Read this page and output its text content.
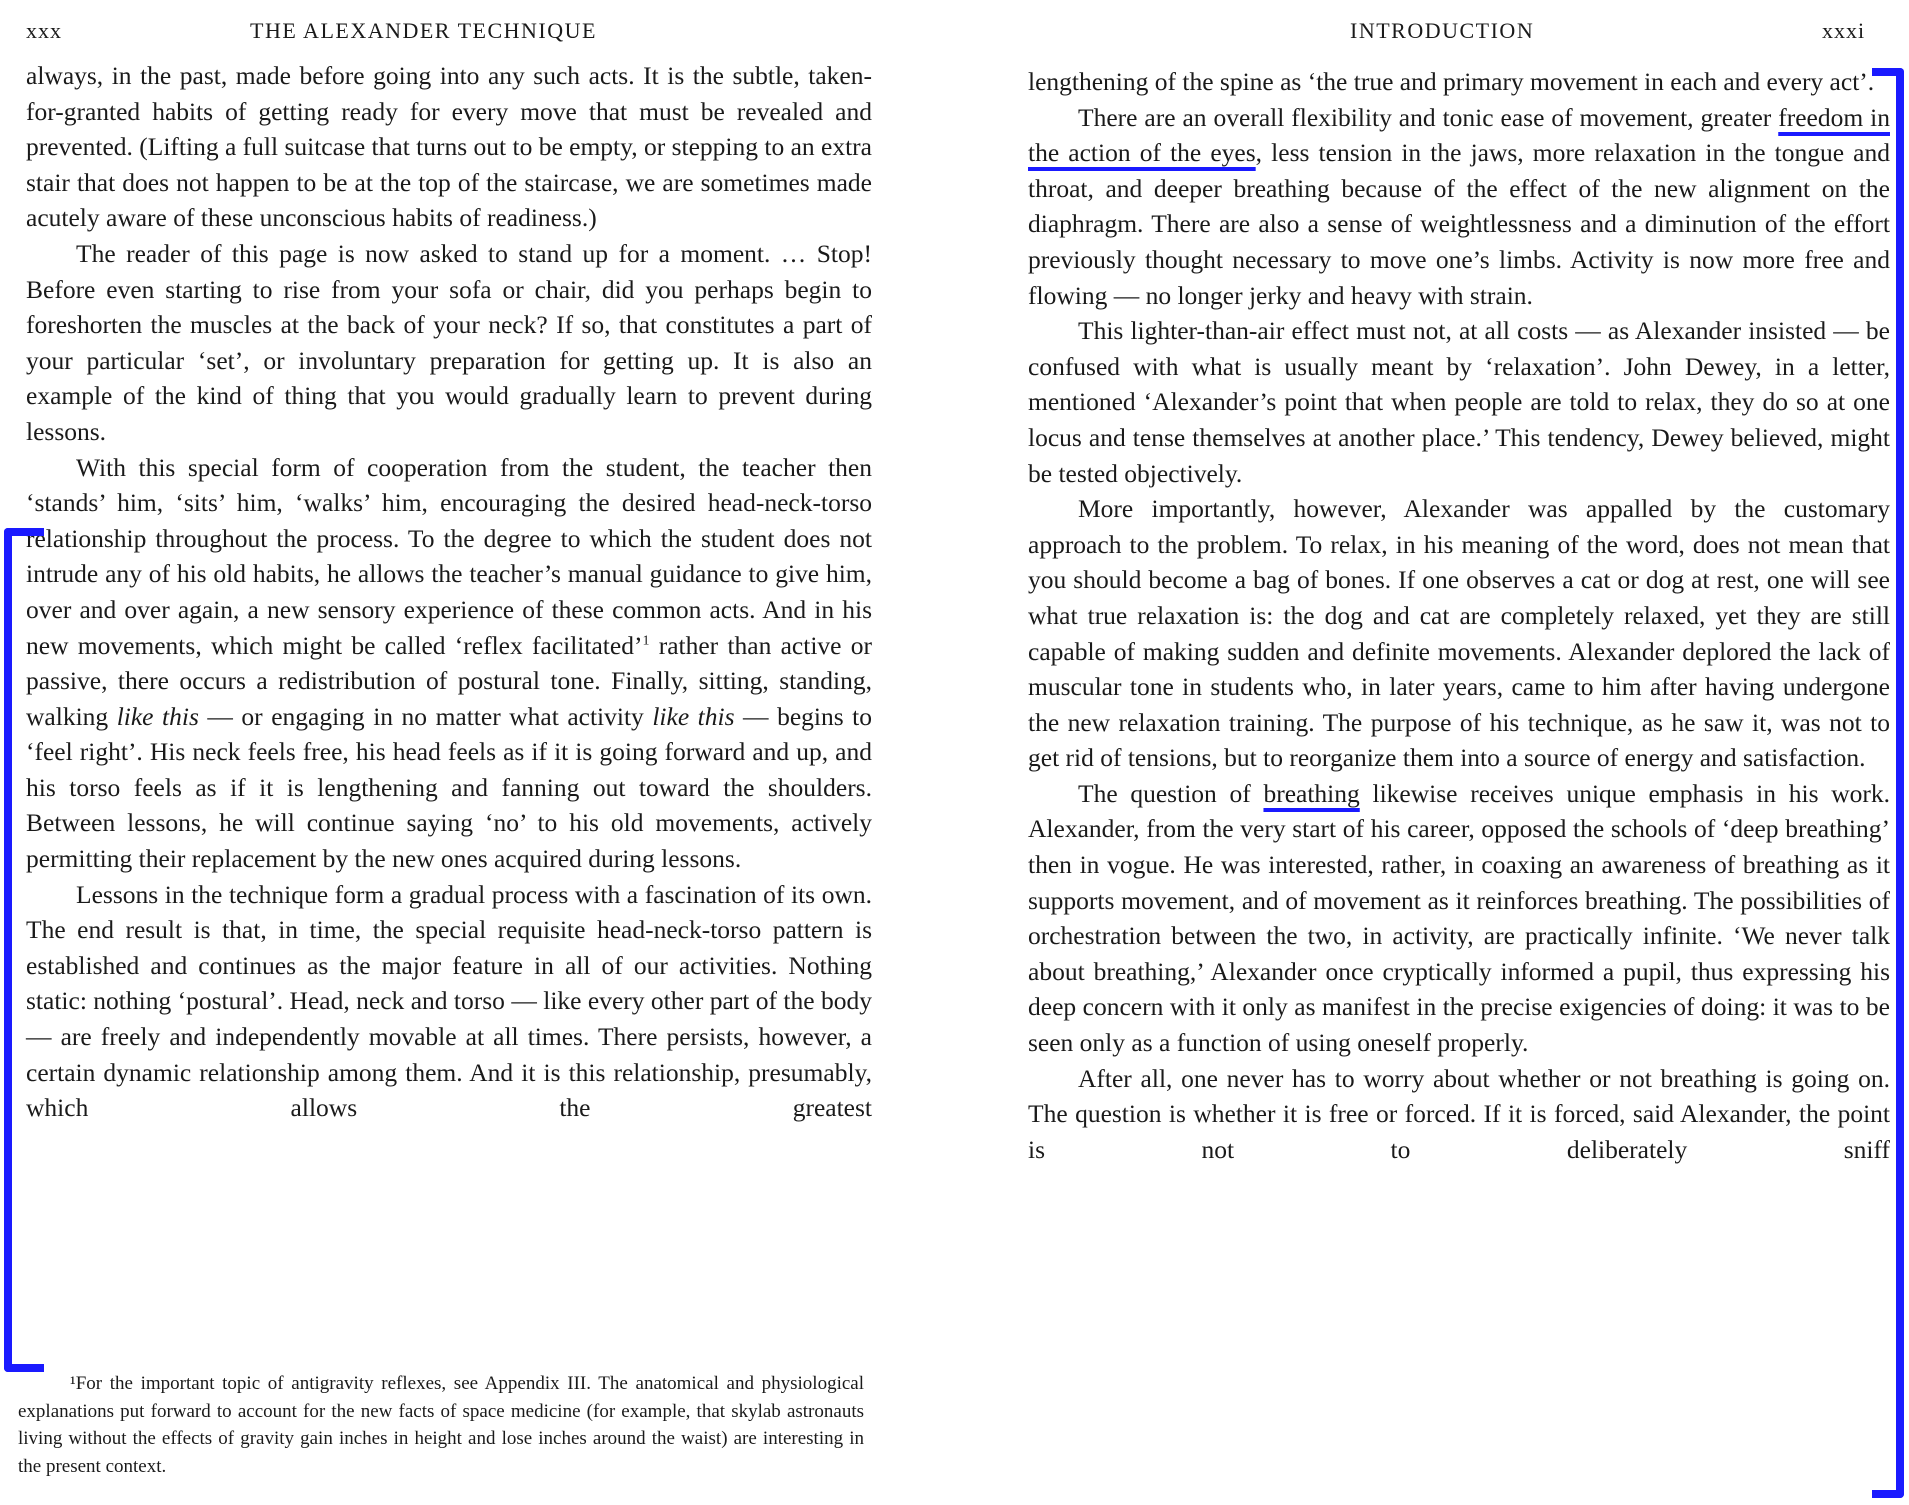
xxx	THE ALEXANDER TECHNIQUE

always, in the past, made before going into any such acts. It is the subtle, taken-for-granted habits of getting ready for every move that must be revealed and prevented. (Lifting a full suitcase that turns out to be empty, or stepping to an extra stair that does not happen to be at the top of the staircase, we are sometimes made acutely aware of these unconscious habits of readiness.)

The reader of this page is now asked to stand up for a moment. … Stop! Before even starting to rise from your sofa or chair, did you perhaps begin to foreshorten the muscles at the back of your neck? If so, that constitutes a part of your particular ‘set’, or involuntary preparation for getting up. It is also an example of the kind of thing that you would gradually learn to prevent during lessons.

With this special form of cooperation from the student, the teacher then ‘stands’ him, ‘sits’ him, ‘walks’ him, encouraging the desired head-neck-torso relationship throughout the process. To the degree to which the student does not intrude any of his old habits, he allows the teacher’s manual guidance to give him, over and over again, a new sensory experience of these common acts. And in his new movements, which might be called ‘reflex facilitated’$^1$ rather than active or passive, there occurs a redistribution of postural tone. Finally, sitting, standing, walking like this — or engaging in no matter what activity like this — begins to ‘feel right’. His neck feels free, his head feels as if it is going forward and up, and his torso feels as if it is lengthening and fanning out toward the shoulders. Between lessons, he will continue saying ‘no’ to his old movements, actively permitting their replacement by the new ones acquired during lessons.

Lessons in the technique form a gradual process with a fascination of its own. The end result is that, in time, the special requisite head-neck-torso pattern is established and continues as the major feature in all of our activities. Nothing static: nothing ‘postural’. Head, neck and torso — like every other part of the body — are freely and independently movable at all times. There persists, however, a certain dynamic relationship among them. And it is this relationship, presumably, which allows the greatest

¹For the important topic of antigravity reflexes, see Appendix III. The anatomical and physiological explanations put forward to account for the new facts of space medicine (for example, that skylab astronauts living without the effects of gravity gain inches in height and lose inches around the waist) are interesting in the present context.

INTRODUCTION	xxxi

lengthening of the spine as ‘the true and primary movement in each and every act’.

There are an overall flexibility and tonic ease of movement, greater freedom in the action of the eyes, less tension in the jaws, more relaxation in the tongue and throat, and deeper breathing because of the effect of the new alignment on the diaphragm. There are also a sense of weightlessness and a diminution of the effort previously thought necessary to move one’s limbs. Activity is now more free and flowing — no longer jerky and heavy with strain.

This lighter-than-air effect must not, at all costs — as Alexander insisted — be confused with what is usually meant by ‘relaxation’. John Dewey, in a letter, mentioned ‘Alexander’s point that when people are told to relax, they do so at one locus and tense themselves at another place.’ This tendency, Dewey believed, might be tested objectively.

More importantly, however, Alexander was appalled by the customary approach to the problem. To relax, in his meaning of the word, does not mean that you should become a bag of bones. If one observes a cat or dog at rest, one will see what true relaxation is: the dog and cat are completely relaxed, yet they are still capable of making sudden and definite movements. Alexander deplored the lack of muscular tone in students who, in later years, came to him after having undergone the new relaxation training. The purpose of his technique, as he saw it, was not to get rid of tensions, but to reorganize them into a source of energy and satisfaction.

The question of breathing likewise receives unique emphasis in his work. Alexander, from the very start of his career, opposed the schools of ‘deep breathing’ then in vogue. He was interested, rather, in coaxing an awareness of breathing as it supports movement, and of movement as it reinforces breathing. The possibilities of orchestration between the two, in activity, are practically infinite. ‘We never talk about breathing,’ Alexander once cryptically informed a pupil, thus expressing his deep concern with it only as manifest in the precise exigencies of doing: it was to be seen only as a function of using oneself properly.

After all, one never has to worry about whether or not breathing is going on. The question is whether it is free or forced. If it is forced, said Alexander, the point is not to deliberately sniff
